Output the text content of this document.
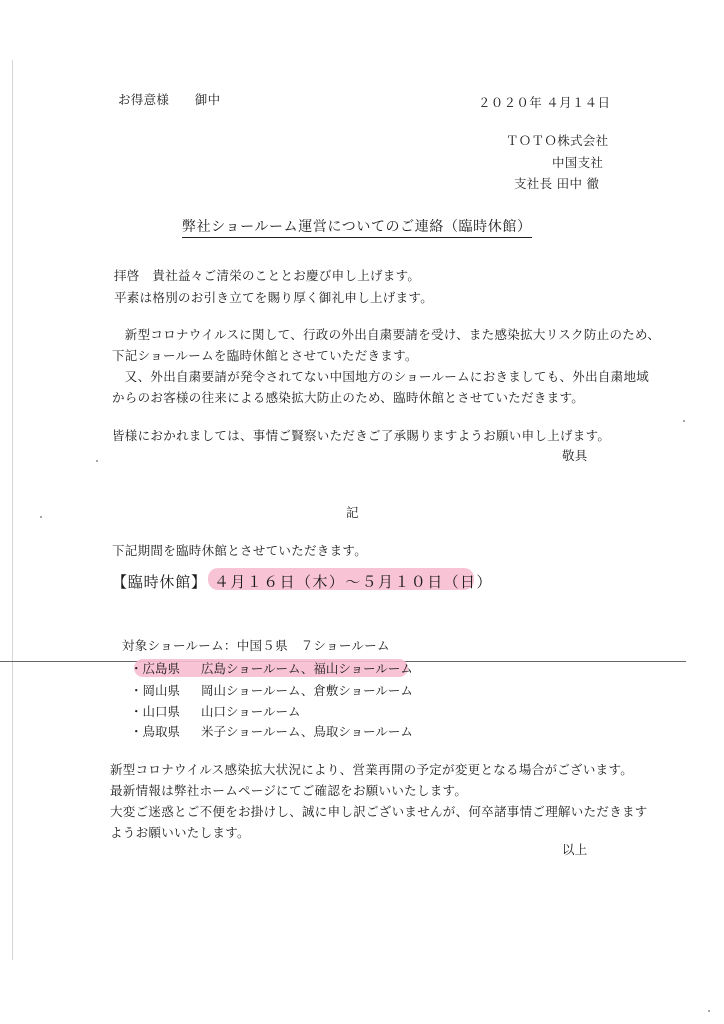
お得意様　　御中	２０２０年 ４月１４日
ＴＯＴＯ株式会社
中国支社
支社長 田中 徹
弊社ショールーム運営についてのご連絡（臨時休館）
拝啓　貴社益々ご清栄のこととお慶び申し上げます。
平素は格別のお引き立てを賜り厚く御礼申し上げます。
　新型コロナウイルスに関して、行政の外出自粛要請を受け、また感染拡大リスク防止のため、
下記ショールームを臨時休館とさせていただきます。
　又、外出自粛要請が発令されてない中国地方のショールームにおきましても、外出自粛地域
からのお客様の往来による感染拡大防止のため、臨時休館とさせていただきます。
皆様におかれましては、事情ご賢察いただきご了承賜りますようお願い申し上げます。
敬具
記
下記期間を臨時休館とさせていただきます。
【臨時休館】 ４月１６日（木）～５月１０日（日）
対象ショールーム：中国５県　７ショールーム
・広島県 広島ショールーム、福山ショールーム
・岡山県 岡山ショールーム、倉敷ショールーム
・山口県 山口ショールーム
・鳥取県 米子ショールーム、鳥取ショールーム
新型コロナウイルス感染拡大状況により、営業再開の予定が変更となる場合がございます。
最新情報は弊社ホームページにてご確認をお願いいたします。
大変ご迷惑とご不便をお掛けし、誠に申し訳ございませんが、何卒諸事情ご理解いただきます
ようお願いいたします。
以上
